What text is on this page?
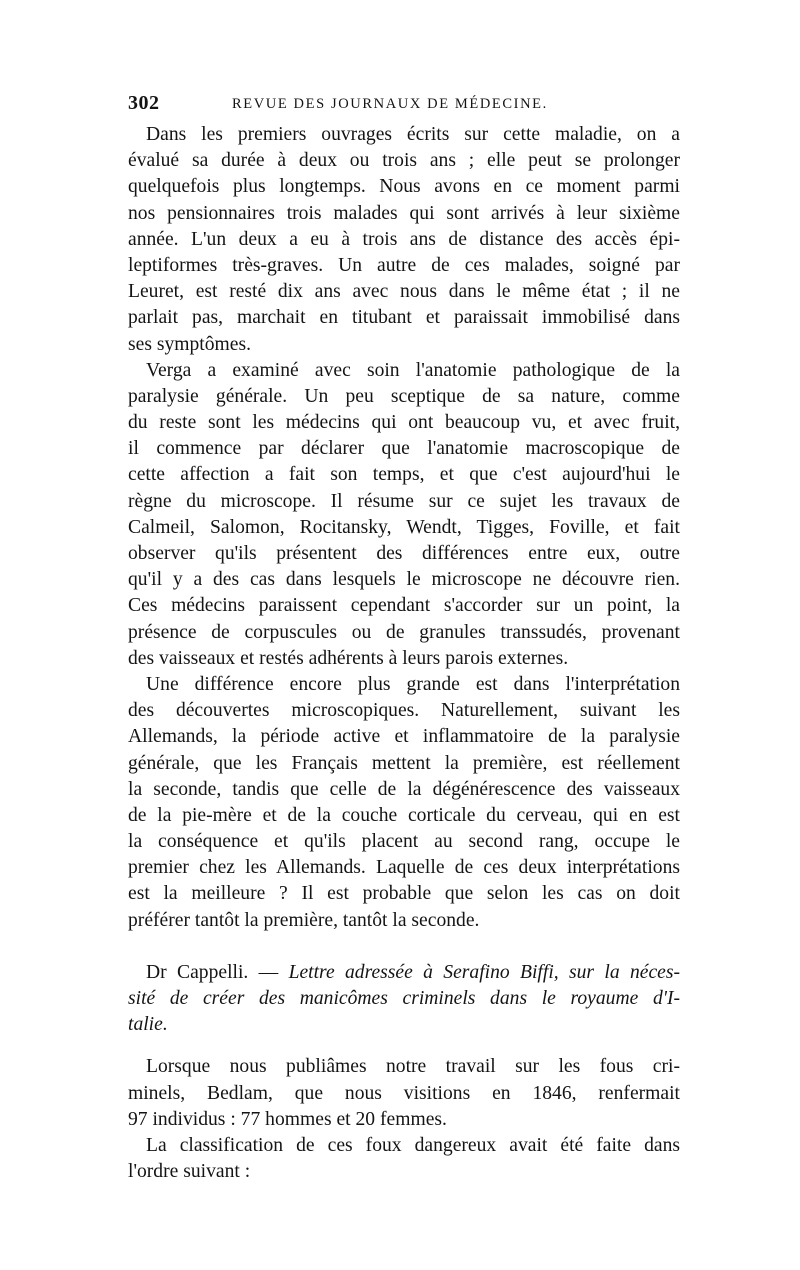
302	REVUE DES JOURNAUX DE MÉDECINE.
Dans les premiers ouvrages écrits sur cette maladie, on a
évalué sa durée à deux ou trois ans ; elle peut se prolonger
quelquefois plus longtemps. Nous avons en ce moment parmi
nos pensionnaires trois malades qui sont arrivés à leur sixième
année. L'un deux a eu à trois ans de distance des accès épi-
leptiformes très-graves. Un autre de ces malades, soigné par
Leuret, est resté dix ans avec nous dans le même état ; il ne
parlait pas, marchait en titubant et paraissait immobilisé dans
ses symptômes.
Verga a examiné avec soin l'anatomie pathologique de la
paralysie générale. Un peu sceptique de sa nature, comme
du reste sont les médecins qui ont beaucoup vu, et avec fruit,
il commence par déclarer que l'anatomie macroscopique de
cette affection a fait son temps, et que c'est aujourd'hui le
règne du microscope. Il résume sur ce sujet les travaux de
Calmeil, Salomon, Rocitansky, Wendt, Tigges, Foville, et fait
observer qu'ils présentent des différences entre eux, outre
qu'il y a des cas dans lesquels le microscope ne découvre rien.
Ces médecins paraissent cependant s'accorder sur un point, la
présence de corpuscules ou de granules transsudés, provenant
des vaisseaux et restés adhérents à leurs parois externes.
Une différence encore plus grande est dans l'interprétation
des découvertes microscopiques. Naturellement, suivant les
Allemands, la période active et inflammatoire de la paralysie
générale, que les Français mettent la première, est réellement
la seconde, tandis que celle de la dégénérescence des vaisseaux
de la pie-mère et de la couche corticale du cerveau, qui en est
la conséquence et qu'ils placent au second rang, occupe le
premier chez les Allemands. Laquelle de ces deux interprétations
est la meilleure ? Il est probable que selon les cas on doit
préférer tantôt la première, tantôt la seconde.
Dr Cappelli. — Lettre adressée à Serafino Biffi, sur la néces-
sité de créer des manicômes criminels dans le royaume d'I-
talie.
Lorsque nous publiâmes notre travail sur les fous cri-
minels, Bedlam, que nous visitions en 1846, renfermait
97 individus : 77 hommes et 20 femmes.
La classification de ces foux dangereux avait été faite dans
l'ordre suivant :
